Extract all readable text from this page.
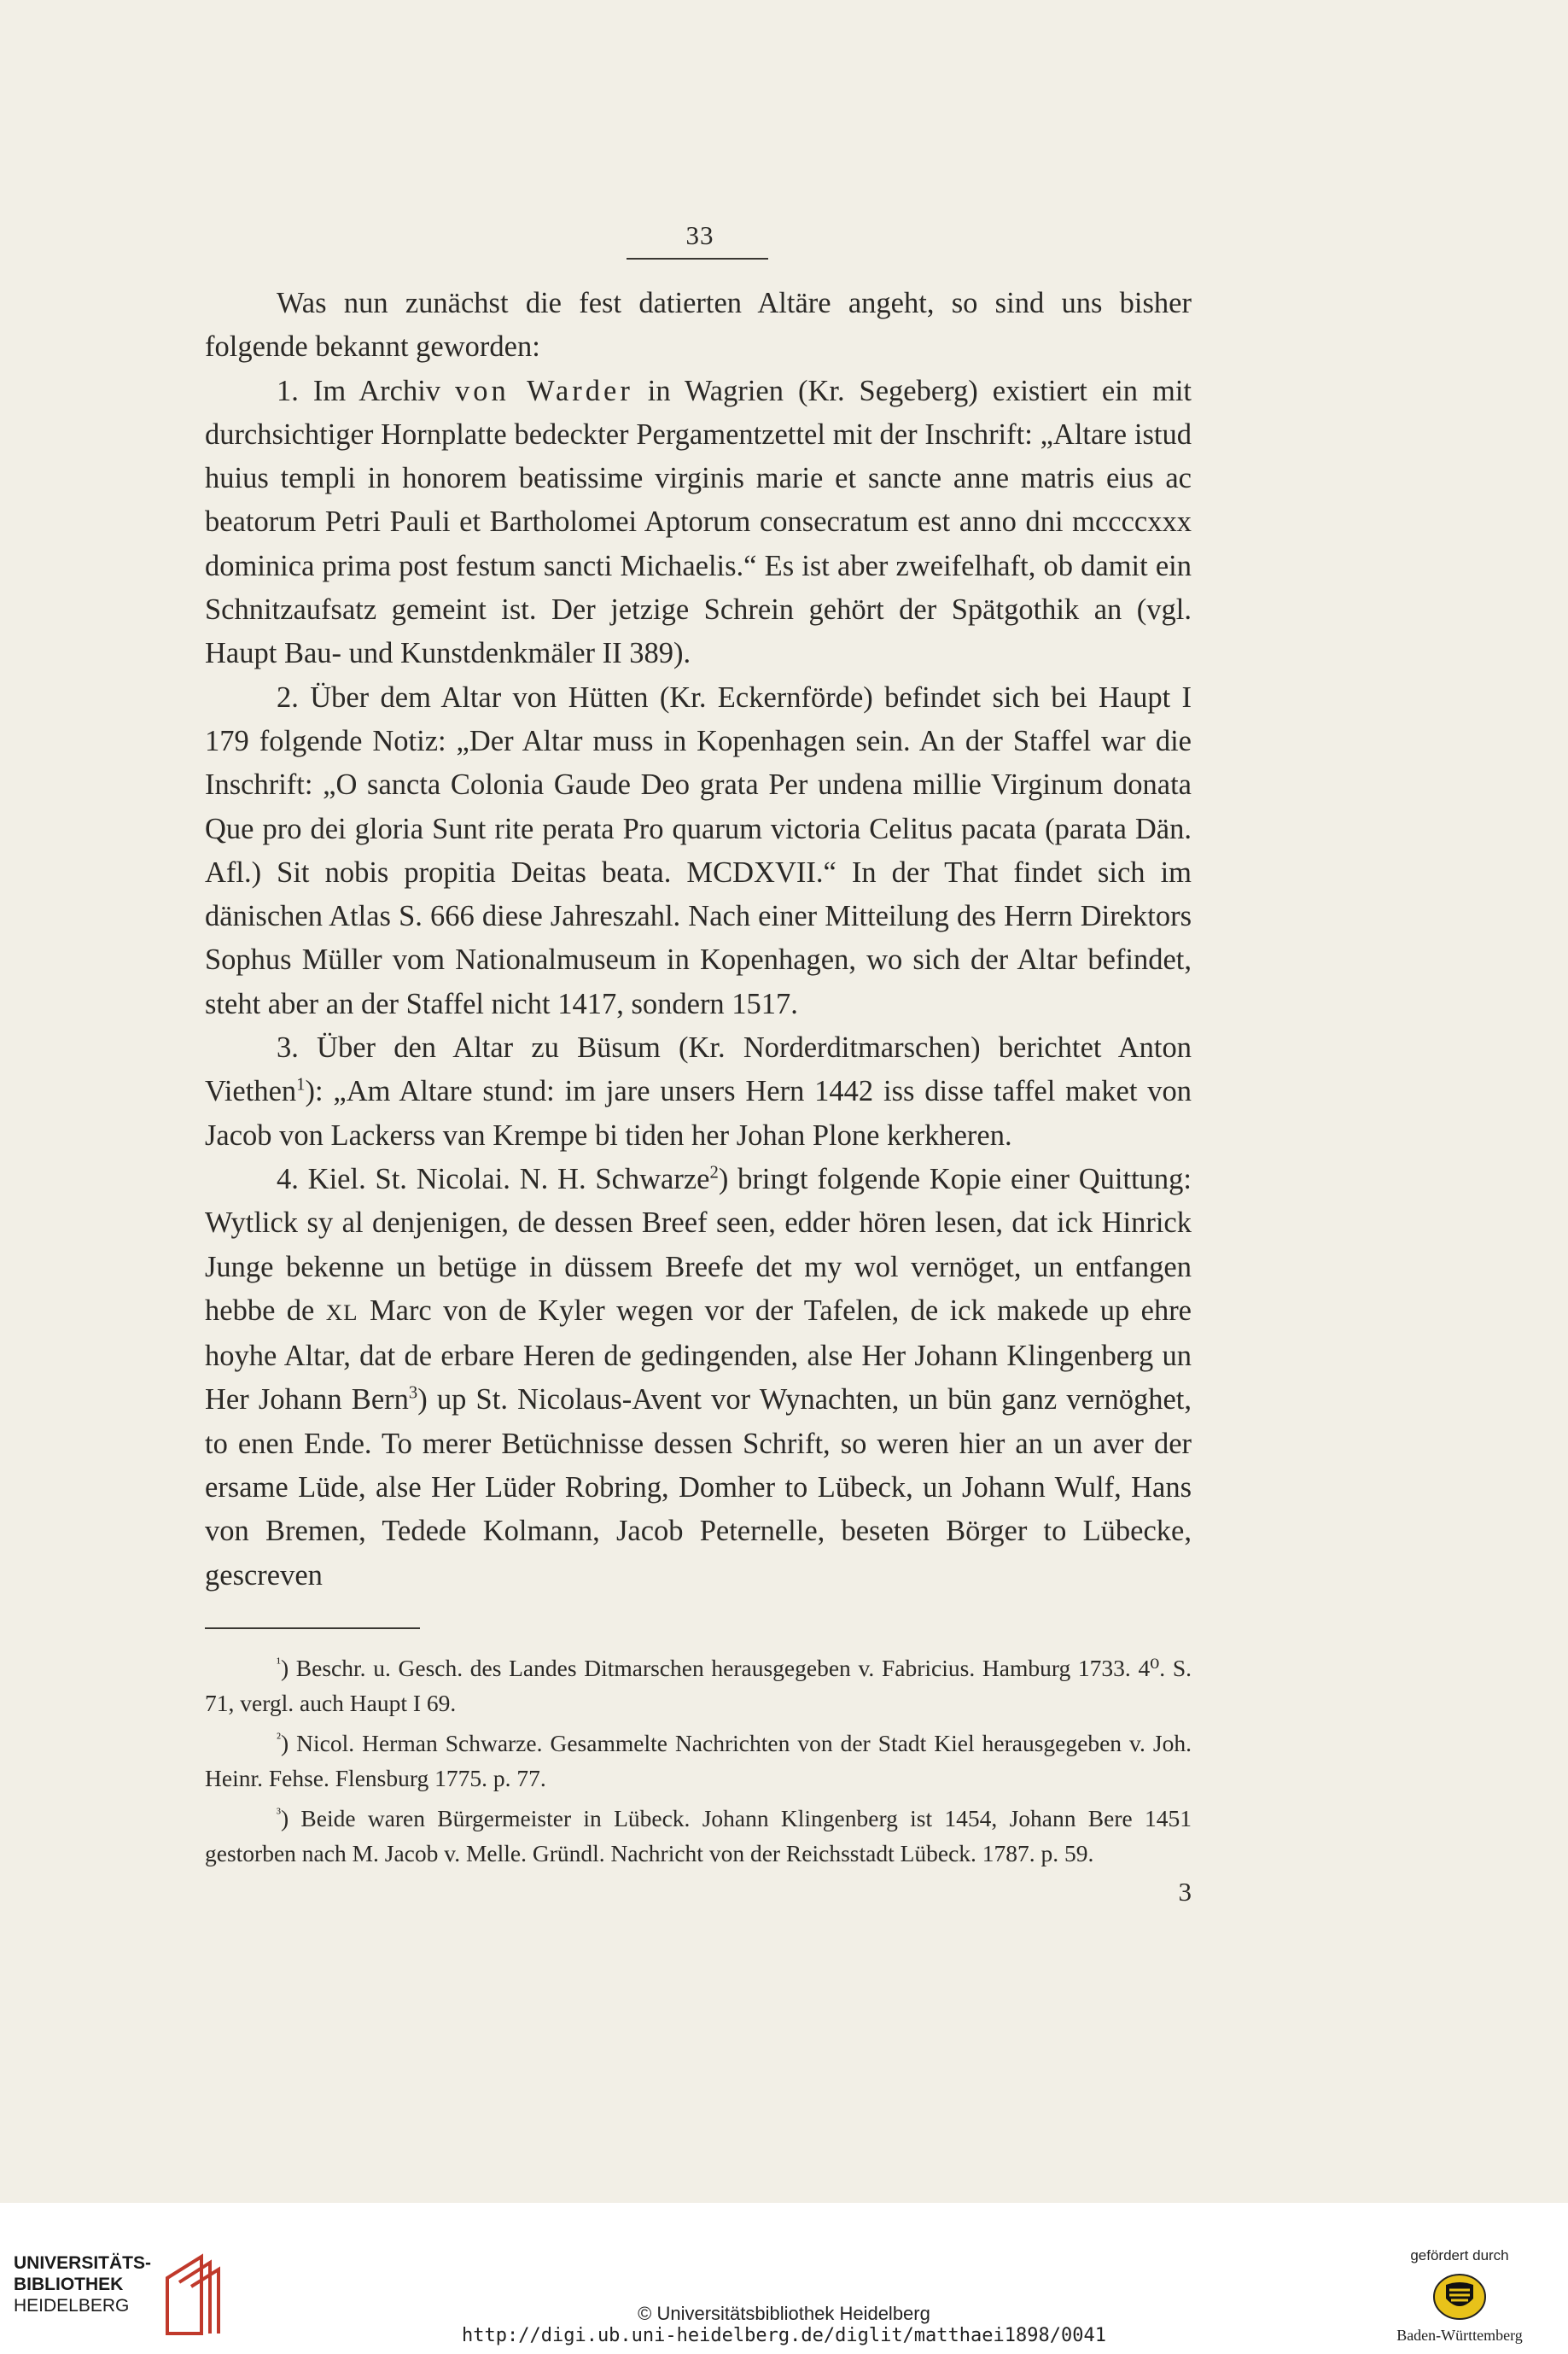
33

Was nun zunächst die fest datierten Altäre angeht, so sind uns bisher folgende bekannt geworden:

1. Im Archiv von Warder in Wagrien (Kr. Segeberg) existiert ein mit durchsichtiger Hornplatte bedeckter Pergamentzettel mit der Inschrift: „Altare istud huius templi in honorem beatissime virginis marie et sancte anne matris eius ac beatorum Petri Pauli et Bartholomei Aptorum consecratum est anno dni mccccxxx dominica prima post festum sancti Michaelis.“ Es ist aber zweifelhaft, ob damit ein Schnitzaufsatz gemeint ist. Der jetzige Schrein gehört der Spätgothik an (vgl. Haupt Bau- und Kunstdenkmäler II 389).

2. Über dem Altar von Hütten (Kr. Eckernförde) befindet sich bei Haupt I 179 folgende Notiz: „Der Altar muss in Kopenhagen sein. An der Staffel war die Inschrift: „O sancta Colonia Gaude Deo grata Per undena millie Virginum donata Que pro dei gloria Sunt rite perata Pro quarum victoria Celitus pacata (parata Dän. Afl.) Sit nobis propitia Deitas beata. MCDXVII.“ In der That findet sich im dänischen Atlas S. 666 diese Jahreszahl. Nach einer Mitteilung des Herrn Direktors Sophus Müller vom Nationalmuseum in Kopenhagen, wo sich der Altar befindet, steht aber an der Staffel nicht 1417, sondern 1517.

3. Über den Altar zu Büsum (Kr. Norderditmarschen) berichtet Anton Viethen$^1$): „Am Altare stund: im jare unsers Hern 1442 iss disse taffel maket von Jacob von Lackerss van Krempe bi tiden her Johan Plone kerkheren.

4. Kiel. St. Nicolai. N. H. Schwarze$^2$) bringt folgende Kopie einer Quittung: Wytlick sy al denjenigen, de dessen Breef seen, edder hören lesen, dat ick Hinrick Junge bekenne un betüge in düssem Breefe det my wol vernöget, un entfangen hebbe de XL Marc von de Kyler wegen vor der Tafelen, de ick makede up ehre hoyhe Altar, dat de erbare Heren de gedingenden, alse Her Johann Klingenberg un Her Johann Bern$^3$) up St. Nicolaus-Avent vor Wynachten, un bün ganz vernöghet, to enen Ende. To merer Betüchnisse dessen Schrift, so weren hier an un aver der ersame Lüde, alse Her Lüder Robring, Domher to Lübeck, un Johann Wulf, Hans von Bremen, Tedede Kolmann, Jacob Peternelle, beseten Börger to Lübecke, gescreven

$^{^1}$) Beschr. u. Gesch. des Landes Ditmarschen herausgegeben v. Fabricius. Hamburg 1733. 4⁰. S. 71, vergl. auch Haupt I 69.

$^{^2}$) Nicol. Herman Schwarze. Gesammelte Nachrichten von der Stadt Kiel herausgegeben v. Joh. Heinr. Fehse. Flensburg 1775. p. 77.

$^{^3}$) Beide waren Bürgermeister in Lübeck. Johann Klingenberg ist 1454, Johann Bere 1451 gestorben nach M. Jacob v. Melle. Gründl. Nachricht von der Reichsstadt Lübeck. 1787. p. 59.

3
UNIVERSITÄTS-
BIBLIOTHEK
HEIDELBERG	© Universitätsbibliothek Heidelberg
http://digi.ub.uni-heidelberg.de/diglit/matthaei1898/0041
gefördert durch
Baden-Württemberg
